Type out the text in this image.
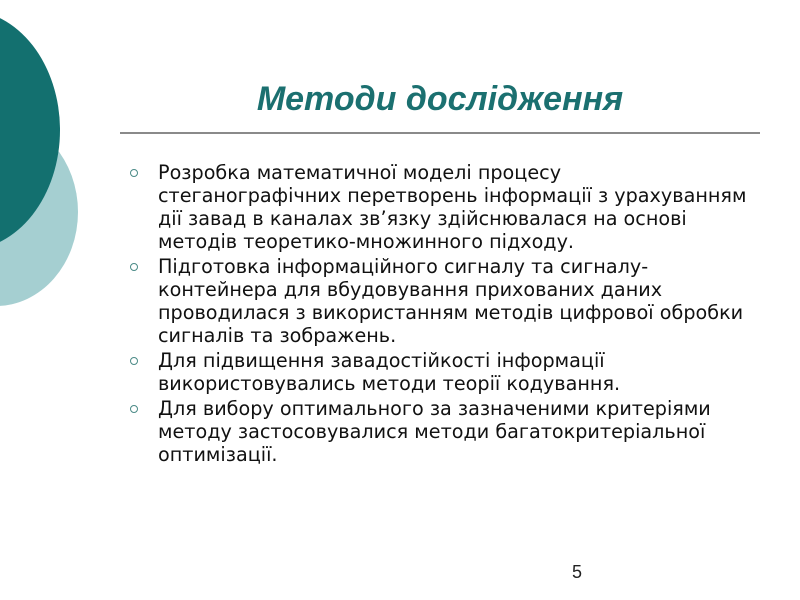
Методи дослідження
Розробка математичної моделі процесу стеганографічних перетворень інформації з урахуванням дії завад в каналах зв’язку здійснювалася на основі методів теоретико-множинного підходу.
Підготовка інформаційного сигналу та сигналу-контейнера для вбудовування прихованих даних проводилася з використанням методів цифрової обробки сигналів та зображень.
Для підвищення завадостійкості інформації використовувались методи теорії кодування.
Для вибору оптимального за зазначеними критеріями методу застосовувалися методи багатокритеріальної оптимізації.
5
